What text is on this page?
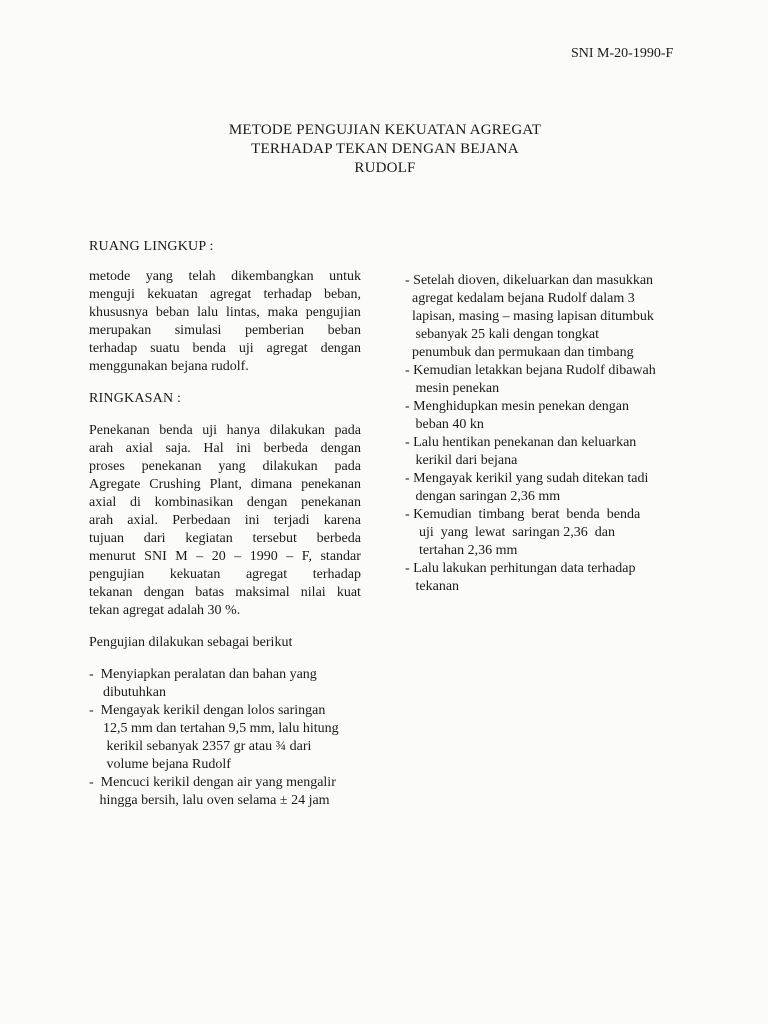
SNI M-20-1990-F
METODE PENGUJIAN KEKUATAN AGREGAT
TERHADAP TEKAN DENGAN BEJANA
RUDOLF
RUANG LINGKUP :
metode yang telah dikembangkan untuk
menguji kekuatan agregat terhadap beban,
khususnya beban lalu lintas, maka pengujian
merupakan simulasi pemberian beban
terhadap suatu benda uji agregat dengan
menggunakan bejana rudolf.
RINGKASAN :
Penekanan benda uji hanya dilakukan pada
arah axial saja. Hal ini berbeda dengan
proses penekanan yang dilakukan pada
Agregate Crushing Plant, dimana penekanan
axial di kombinasikan dengan penekanan
arah axial. Perbedaan ini terjadi karena
tujuan dari kegiatan tersebut berbeda
menurut SNI M – 20 – 1990 – F, standar
pengujian kekuatan agregat terhadap
tekanan dengan batas maksimal nilai kuat
tekan agregat adalah 30 %.

Pengujian dilakukan sebagai berikut

-  Menyiapkan peralatan dan bahan yang
dibutuhkan
-  Mengayak kerikil dengan lolos saringan
12,5 mm dan tertahan 9,5 mm, lalu hitung
kerikil sebanyak 2357 gr atau ¾ dari
volume bejana Rudolf
-  Mencuci kerikil dengan air yang mengalir
hingga bersih, lalu oven selama ± 24 jam
- Setelah dioven, dikeluarkan dan masukkan
agregat kedalam bejana Rudolf dalam 3
lapisan, masing – masing lapisan ditumbuk
sebanyak 25 kali dengan tongkat
penumbuk dan permukaan dan timbang
- Kemudian letakkan bejana Rudolf dibawah
mesin penekan
- Menghidupkan mesin penekan dengan
beban 40 kn
- Lalu hentikan penekanan dan keluarkan
kerikil dari bejana
- Mengayak kerikil yang sudah ditekan tadi
dengan saringan 2,36 mm
- Kemudian  timbang  berat  benda  benda
uji  yang  lewat  saringan 2,36  dan
tertahan 2,36 mm
- Lalu lakukan perhitungan data terhadap
tekanan
